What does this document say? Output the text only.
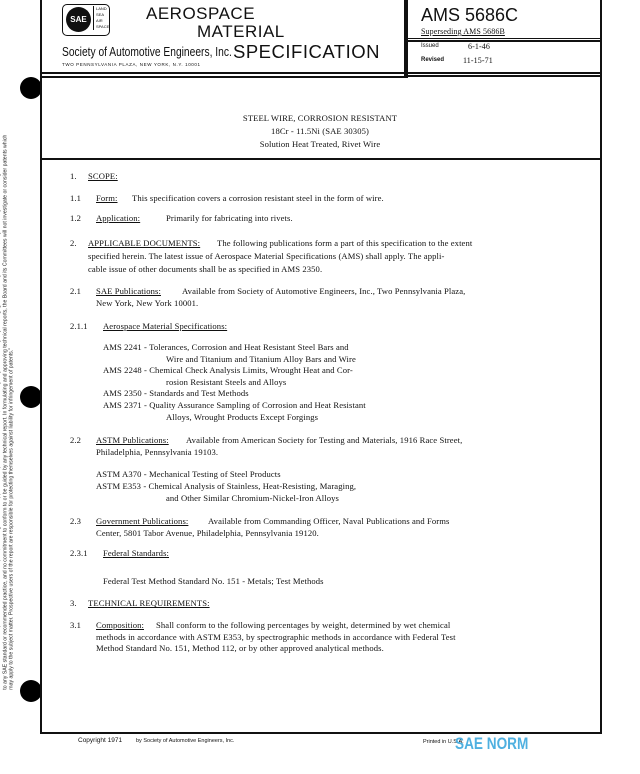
to any SAE standard or recommended practice, and no commitment to conform to or be guided by any technical report. In formulating and approving technical reports, the Board and its Committees will not investigate or consider patents which may apply to the subject matter. Prospective users of the report are responsible for protecting themselves against liability for infringement of patents."
SAE
LAND
SEA
AIR
SPACE
AEROSPACE
MATERIAL
SPECIFICATION
Society of Automotive Engineers, Inc.
TWO PENNSYLVANIA PLAZA, NEW YORK, N.Y. 10001
AMS 5686C
Superseding AMS 5686B
Issued	6-1-46
Revised 11-15-71
STEEL WIRE, CORROSION RESISTANT
18Cr - 11.5Ni (SAE 30305)
Solution Heat Treated, Rivet Wire
1. SCOPE:
1.1 Form: This specification covers a corrosion resistant steel in the form of wire.
1.2 Application:	Primarily for fabricating into rivets.
2. APPLICABLE DOCUMENTS: The following publications form a part of this specification to the extent
specified herein. The latest issue of Aerospace Material Specifications (AMS) shall apply. The appli-
cable issue of other documents shall be as specified in AMS 2350.
2.1 SAE Publications: Available from Society of Automotive Engineers, Inc., Two Pennsylvania Plaza,
New York, New York 10001.
2.1.1 Aerospace Material Specifications:
AMS 2241 - Tolerances, Corrosion and Heat Resistant Steel Bars and
Wire and Titanium and Titanium Alloy Bars and Wire
AMS 2248 - Chemical Check Analysis Limits, Wrought Heat and Cor-
rosion Resistant Steels and Alloys
AMS 2350 - Standards and Test Methods
AMS 2371 - Quality Assurance Sampling of Corrosion and Heat Resistant
Alloys, Wrought Products Except Forgings
2.2 ASTM Publications: Available from American Society for Testing and Materials, 1916 Race Street,
Philadelphia, Pennsylvania 19103.
ASTM A370 - Mechanical Testing of Steel Products
ASTM E353 - Chemical Analysis of Stainless, Heat-Resisting, Maraging,
and Other Similar Chromium-Nickel-Iron Alloys
2.3 Government Publications: Available from Commanding Officer, Naval Publications and Forms
Center, 5801 Tabor Avenue, Philadelphia, Pennsylvania 19120.
2.3.1 Federal Standards:
Federal Test Method Standard No. 151 - Metals; Test Methods
3. TECHNICAL REQUIREMENTS:
3.1 Composition: Shall conform to the following percentages by weight, determined by wet chemical
methods in accordance with ASTM E353, by spectrographic methods in accordance with Federal Test
Method Standard No. 151, Method 112, or by other approved analytical methods.
Copyright 1971	by Society of Automotive Engineers, Inc.	Printed in U.S.A.
SAE NORM
